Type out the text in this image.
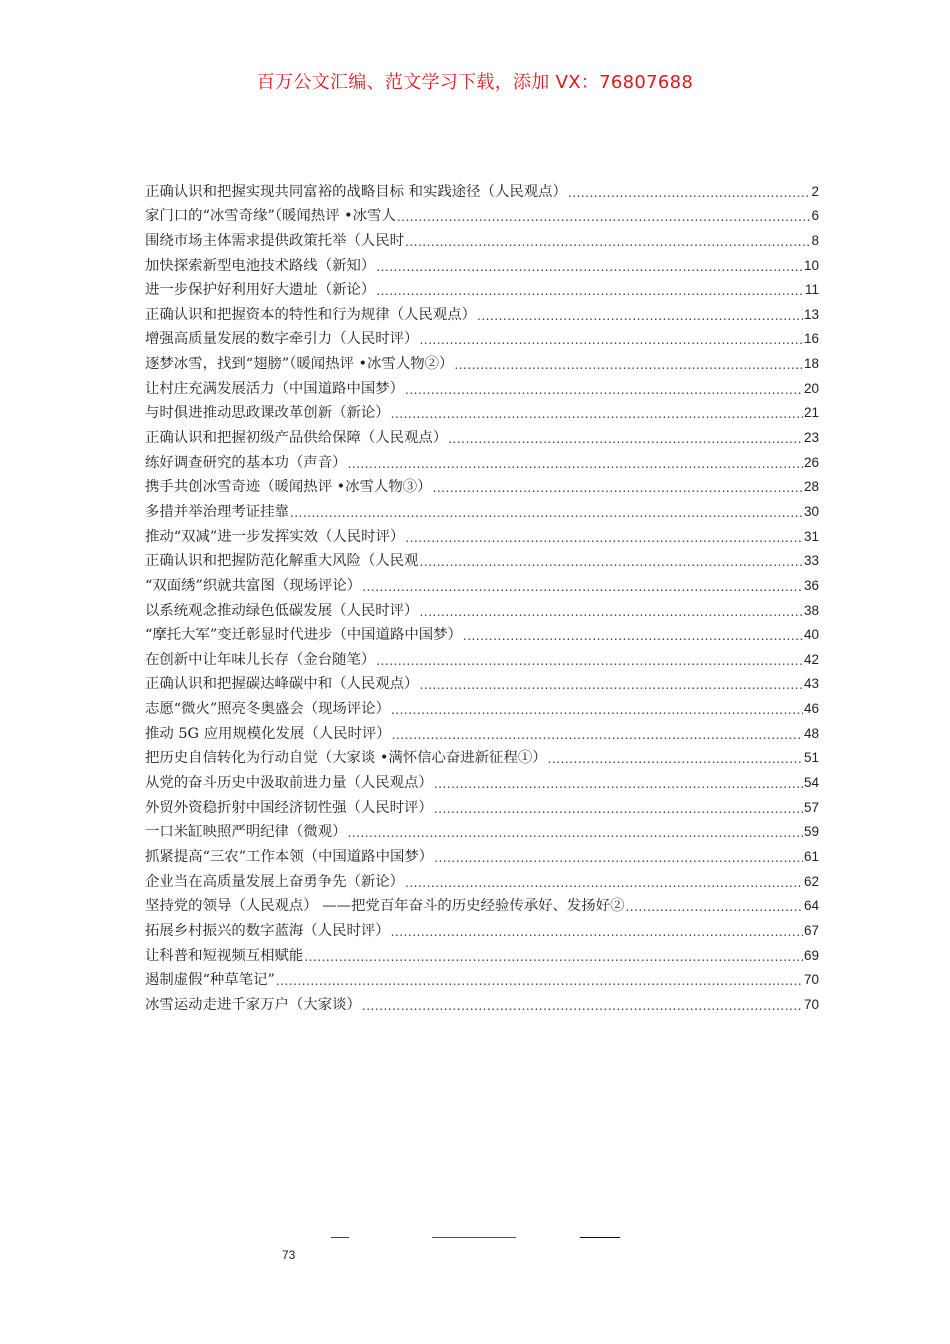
百万公文汇编、范文学习下载，添加 VX：76807688
正确认识和把握实现共同富裕的战略目标 和实践途径（人民观点） .....	2
家门口的“冰雪奇缘”（暖闻热评 •冰雪人 .....	6
围绕市场主体需求提供政策托举（人民时 .....	8
加快探索新型电池技术路线（新知） .....	10
进一步保护好利用好大遗址（新论） .....	11
正确认识和把握资本的特性和行为规律（人民观点） .....	13
增强高质量发展的数字牵引力（人民时评） .....	16
逐梦冰雪，找到“翅膀”（暖闻热评 •冰雪人物②） .....	18
让村庄充满发展活力（中国道路中国梦） .....	20
与时俱进推动思政课改革创新（新论） .....	21
正确认识和把握初级产品供给保障（人民观点） .....	23
练好调查研究的基本功（声音） .....	26
携手共创冰雪奇迹（暖闻热评 •冰雪人物③） .....	28
多措并举治理考证挂靠 .....	30
推动“双减”进一步发挥实效（人民时评） .....	31
正确认识和把握防范化解重大风险（人民观 .....	33
“双面绣”织就共富图（现场评论） .....	36
以系统观念推动绿色低碳发展（人民时评） .....	38
“摩托大军”变迁彰显时代进步（中国道路中国梦） .....	40
在创新中让年味儿长存（金台随笔） .....	42
正确认识和把握碳达峰碳中和（人民观点） .....	43
志愿“微火”照亮冬奥盛会（现场评论） .....	46
推动 5G 应用规模化发展（人民时评） .....	48
把历史自信转化为行动自觉（大家谈 •满怀信心奋进新征程①） .....	51
从党的奋斗历史中汲取前进力量（人民观点） .....	54
外贸外资稳折射中国经济韧性强（人民时评） .....	57
一口米缸映照严明纪律（微观） .....	59
抓紧提高“三农”工作本领（中国道路中国梦） .....	61
企业当在高质量发展上奋勇争先（新论） .....	62
坚持党的领导（人民观点） ——把党百年奋斗的历史经验传承好、发扬好② .....	64
拓展乡村振兴的数字蓝海（人民时评） .....	67
让科普和短视频互相赋能 .....	69
遏制虚假“种草笔记” .....	70
冰雪运动走进千家万户（大家谈） .....	70
73
